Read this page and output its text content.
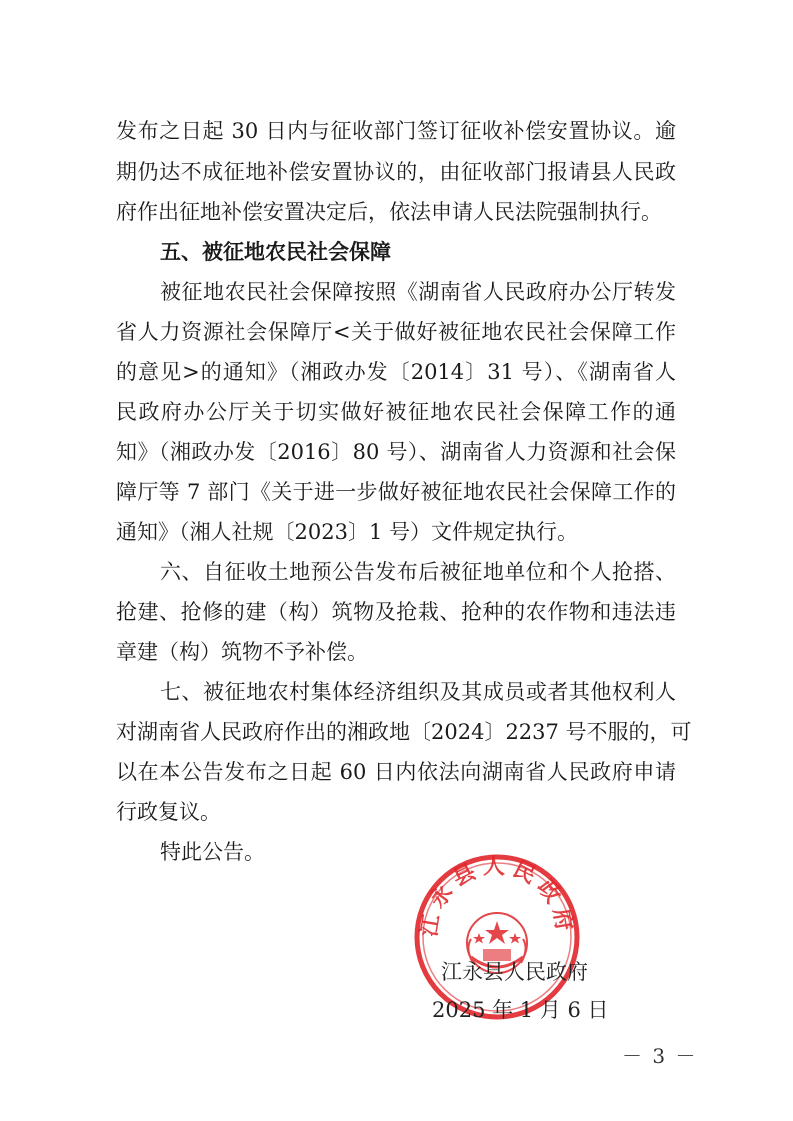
发布之日起 30 日内与征收部门签订征收补偿安置协议。逾
期仍达不成征地补偿安置协议的，由征收部门报请县人民政
府作出征地补偿安置决定后，依法申请人民法院强制执行。
五、被征地农民社会保障
被征地农民社会保障按照《湖南省人民政府办公厅转发
省人力资源社会保障厅<关于做好被征地农民社会保障工作
的意见>的通知》（湘政办发〔2014〕31 号）、《湖南省人
民政府办公厅关于切实做好被征地农民社会保障工作的通
知》（湘政办发〔2016〕80 号）、湖南省人力资源和社会保
障厅等 7 部门《关于进一步做好被征地农民社会保障工作的
通知》（湘人社规〔2023〕1 号）文件规定执行。
六、自征收土地预公告发布后被征地单位和个人抢搭、
抢建、抢修的建（构）筑物及抢栽、抢种的农作物和违法违
章建（构）筑物不予补偿。
七、被征地农村集体经济组织及其成员或者其他权利人
对湖南省人民政府作出的湘政地〔2024〕2237 号不服的，可
以在本公告发布之日起 60 日内依法向湖南省人民政府申请
行政复议。
特此公告。
江永县人民政府
江永县人民政府
2025 年 1 月 6 日
－ 3 －
